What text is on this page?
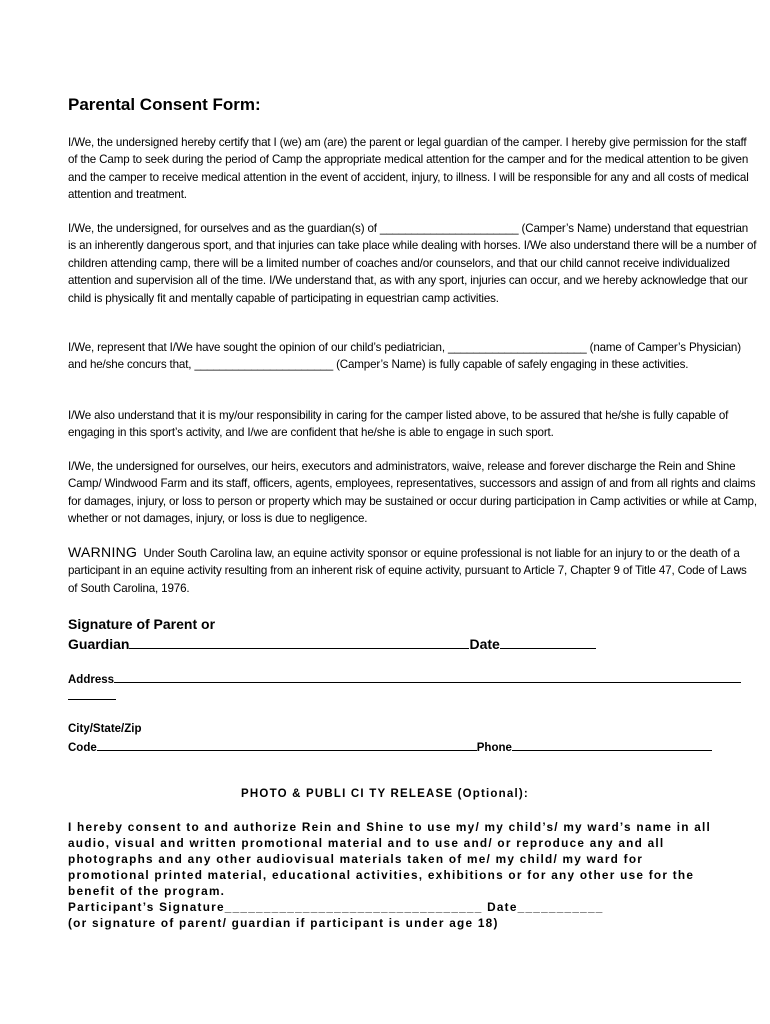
Parental Consent Form:

I/We, the undersigned hereby certify that I (we) am (are) the parent or legal guardian of the camper. I hereby give permission for the staff of the Camp to seek during the period of Camp the appropriate medical attention for the camper and for the medical attention to be given and the camper to receive medical attention in the event of accident, injury, to illness. I will be responsible for any and all costs of medical attention and treatment.

I/We, the undersigned, for ourselves and as the guardian(s) of ______________________ (Camper’s Name) understand that equestrian is an inherently dangerous sport, and that injuries can take place while dealing with horses. I/We also understand there will be a number of children attending camp, there will be a limited number of coaches and/or counselors, and that our child cannot receive individualized attention and supervision all of the time. I/We understand that, as with any sport, injuries can occur, and we hereby acknowledge that our child is physically fit and mentally capable of participating in equestrian camp activities.

I/We, represent that I/We have sought the opinion of our child’s pediatrician, ______________________ (name of Camper’s Physician) and he/she concurs that, ______________________ (Camper’s Name) is fully capable of safely engaging in these activities.

I/We also understand that it is my/our responsibility in caring for the camper listed above, to be assured that he/she is fully capable of engaging in this sport’s activity, and I/we are confident that he/she is able to engage in such sport.

I/We, the undersigned for ourselves, our heirs, executors and administrators, waive, release and forever discharge the Rein and Shine Camp/ Windwood Farm and its staff, officers, agents, employees, representatives, successors and assign of and from all rights and claims for damages, injury, or loss to person or property which may be sustained or occur during participation in Camp activities or while at Camp, whether or not damages, injury, or loss is due to negligence.

WARNING Under South Carolina law, an equine activity sponsor or equine professional is not liable for an injury to or the death of a participant in an equine activity resulting from an inherent risk of equine activity, pursuant to Article 7, Chapter 9 of Title 47, Code of Laws of South Carolina, 1976.

Signature of Parent or

Guardian	Date

Address

City/State/Zip

Code	Phone

PHOTO & PUBLI CI TY RELEASE (Optional):

I hereby consent to and authorize Rein and Shine to use my/ my child’s/ my ward’s name in all
audio, visual and written promotional material and to use and/ or reproduce any and all
photographs and any other audiovisual materials taken of me/ my child/ my ward for
promotional printed material, educational activities, exhibitions or for any other use for the
benefit of the program.
Participant’s Signature_________________________________ Date___________
(or signature of parent/ guardian if participant is under age 18)
